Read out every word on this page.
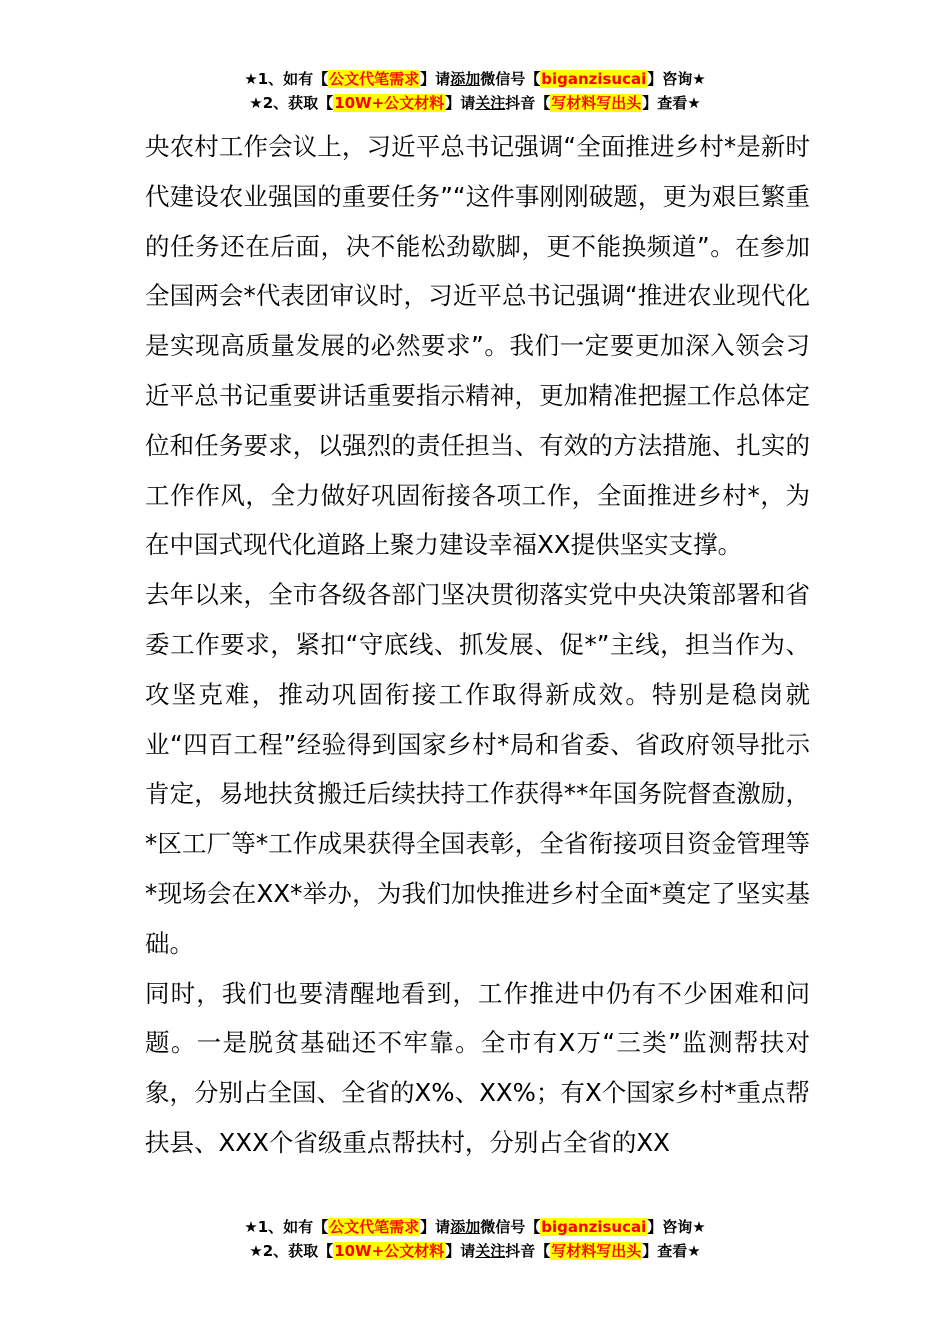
★1、如有【公文代笔需求】请添加微信号【biganzisucai】咨询★
★2、获取【10W+公文材料】请关注抖音【写材料写出头】查看★

央农村工作会议上，习近平总书记强调“全面推进乡村*是新时代建设农业强国的重要任务”“这件事刚刚破题，更为艰巨繁重的任务还在后面，决不能松劲歇脚，更不能换频道”。在参加全国两会*代表团审议时，习近平总书记强调“推进农业现代化是实现高质量发展的必然要求”。我们一定要更加深入领会习近平总书记重要讲话重要指示精神，更加精准把握工作总体定位和任务要求，以强烈的责任担当、有效的方法措施、扎实的工作作风，全力做好巩固衔接各项工作，全面推进乡村*，为在中国式现代化道路上聚力建设幸福XX提供坚实支撑。

去年以来，全市各级各部门坚决贯彻落实党中央决策部署和省委工作要求，紧扣“守底线、抓发展、促*”主线，担当作为、攻坚克难，推动巩固衔接工作取得新成效。特别是稳岗就业“四百工程”经验得到国家乡村*局和省委、省政府领导批示肯定，易地扶贫搬迁后续扶持工作获得**年国务院督查激励，*区工厂等*工作成果获得全国表彰，全省衔接项目资金管理等*现场会在XX*举办，为我们加快推进乡村全面*奠定了坚实基础。

同时，我们也要清醒地看到，工作推进中仍有不少困难和问题。一是脱贫基础还不牢靠。全市有X万“三类”监测帮扶对象，分别占全国、全省的X%、XX%；有X个国家乡村*重点帮扶县、XXX个省级重点帮扶村，分别占全省的XX

★1、如有【公文代笔需求】请添加微信号【biganzisucai】咨询★
★2、获取【10W+公文材料】请关注抖音【写材料写出头】查看★
